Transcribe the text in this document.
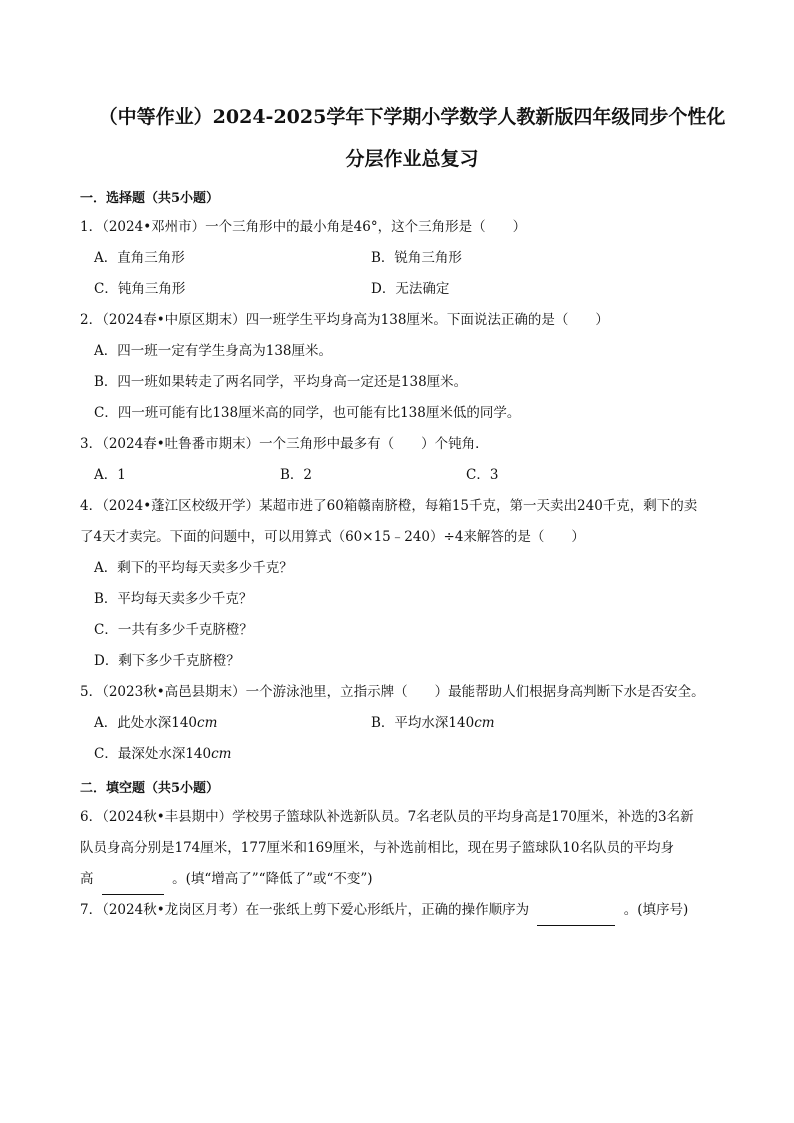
（中等作业）2024-2025学年下学期小学数学人教新版四年级同步个性化
分层作业总复习
一．选择题（共5小题）
1．（2024•邓州市）一个三角形中的最小角是46°，这个三角形是（　　）
A．直角三角形	B．锐角三角形
C．钝角三角形	D．无法确定
2．（2024春•中原区期末）四一班学生平均身高为138厘米。下面说法正确的是（　　）
A．四一班一定有学生身高为138厘米。
B．四一班如果转走了两名同学，平均身高一定还是138厘米。
C．四一班可能有比138厘米高的同学，也可能有比138厘米低的同学。
3．（2024春•吐鲁番市期末）一个三角形中最多有（　　）个钝角．
A．1	B．2	C．3
4．（2024•蓬江区校级开学）某超市进了60箱赣南脐橙，每箱15千克，第一天卖出240千克，剩下的卖
了4天才卖完。下面的问题中，可以用算式（60×15﹣240）÷4来解答的是（　　）
A．剩下的平均每天卖多少千克？
B．平均每天卖多少千克？
C．一共有多少千克脐橙？
D．剩下多少千克脐橙？
5．（2023秋•高邑县期末）一个游泳池里，立指示牌（　　）最能帮助人们根据身高判断下水是否安全。
A．此处水深140cm	B．平均水深140cm
C．最深处水深140cm
二．填空题（共5小题）
6．（2024秋•丰县期中）学校男子篮球队补选新队员。7名老队员的平均身高是170厘米，补选的3名新
队员身高分别是174厘米，177厘米和169厘米，与补选前相比，现在男子篮球队10名队员的平均身
高	。(填“增高了”“降低了”或“不变”)
7．（2024秋•龙岗区月考）在一张纸上剪下爱心形纸片，正确的操作顺序为	。(填序号)
